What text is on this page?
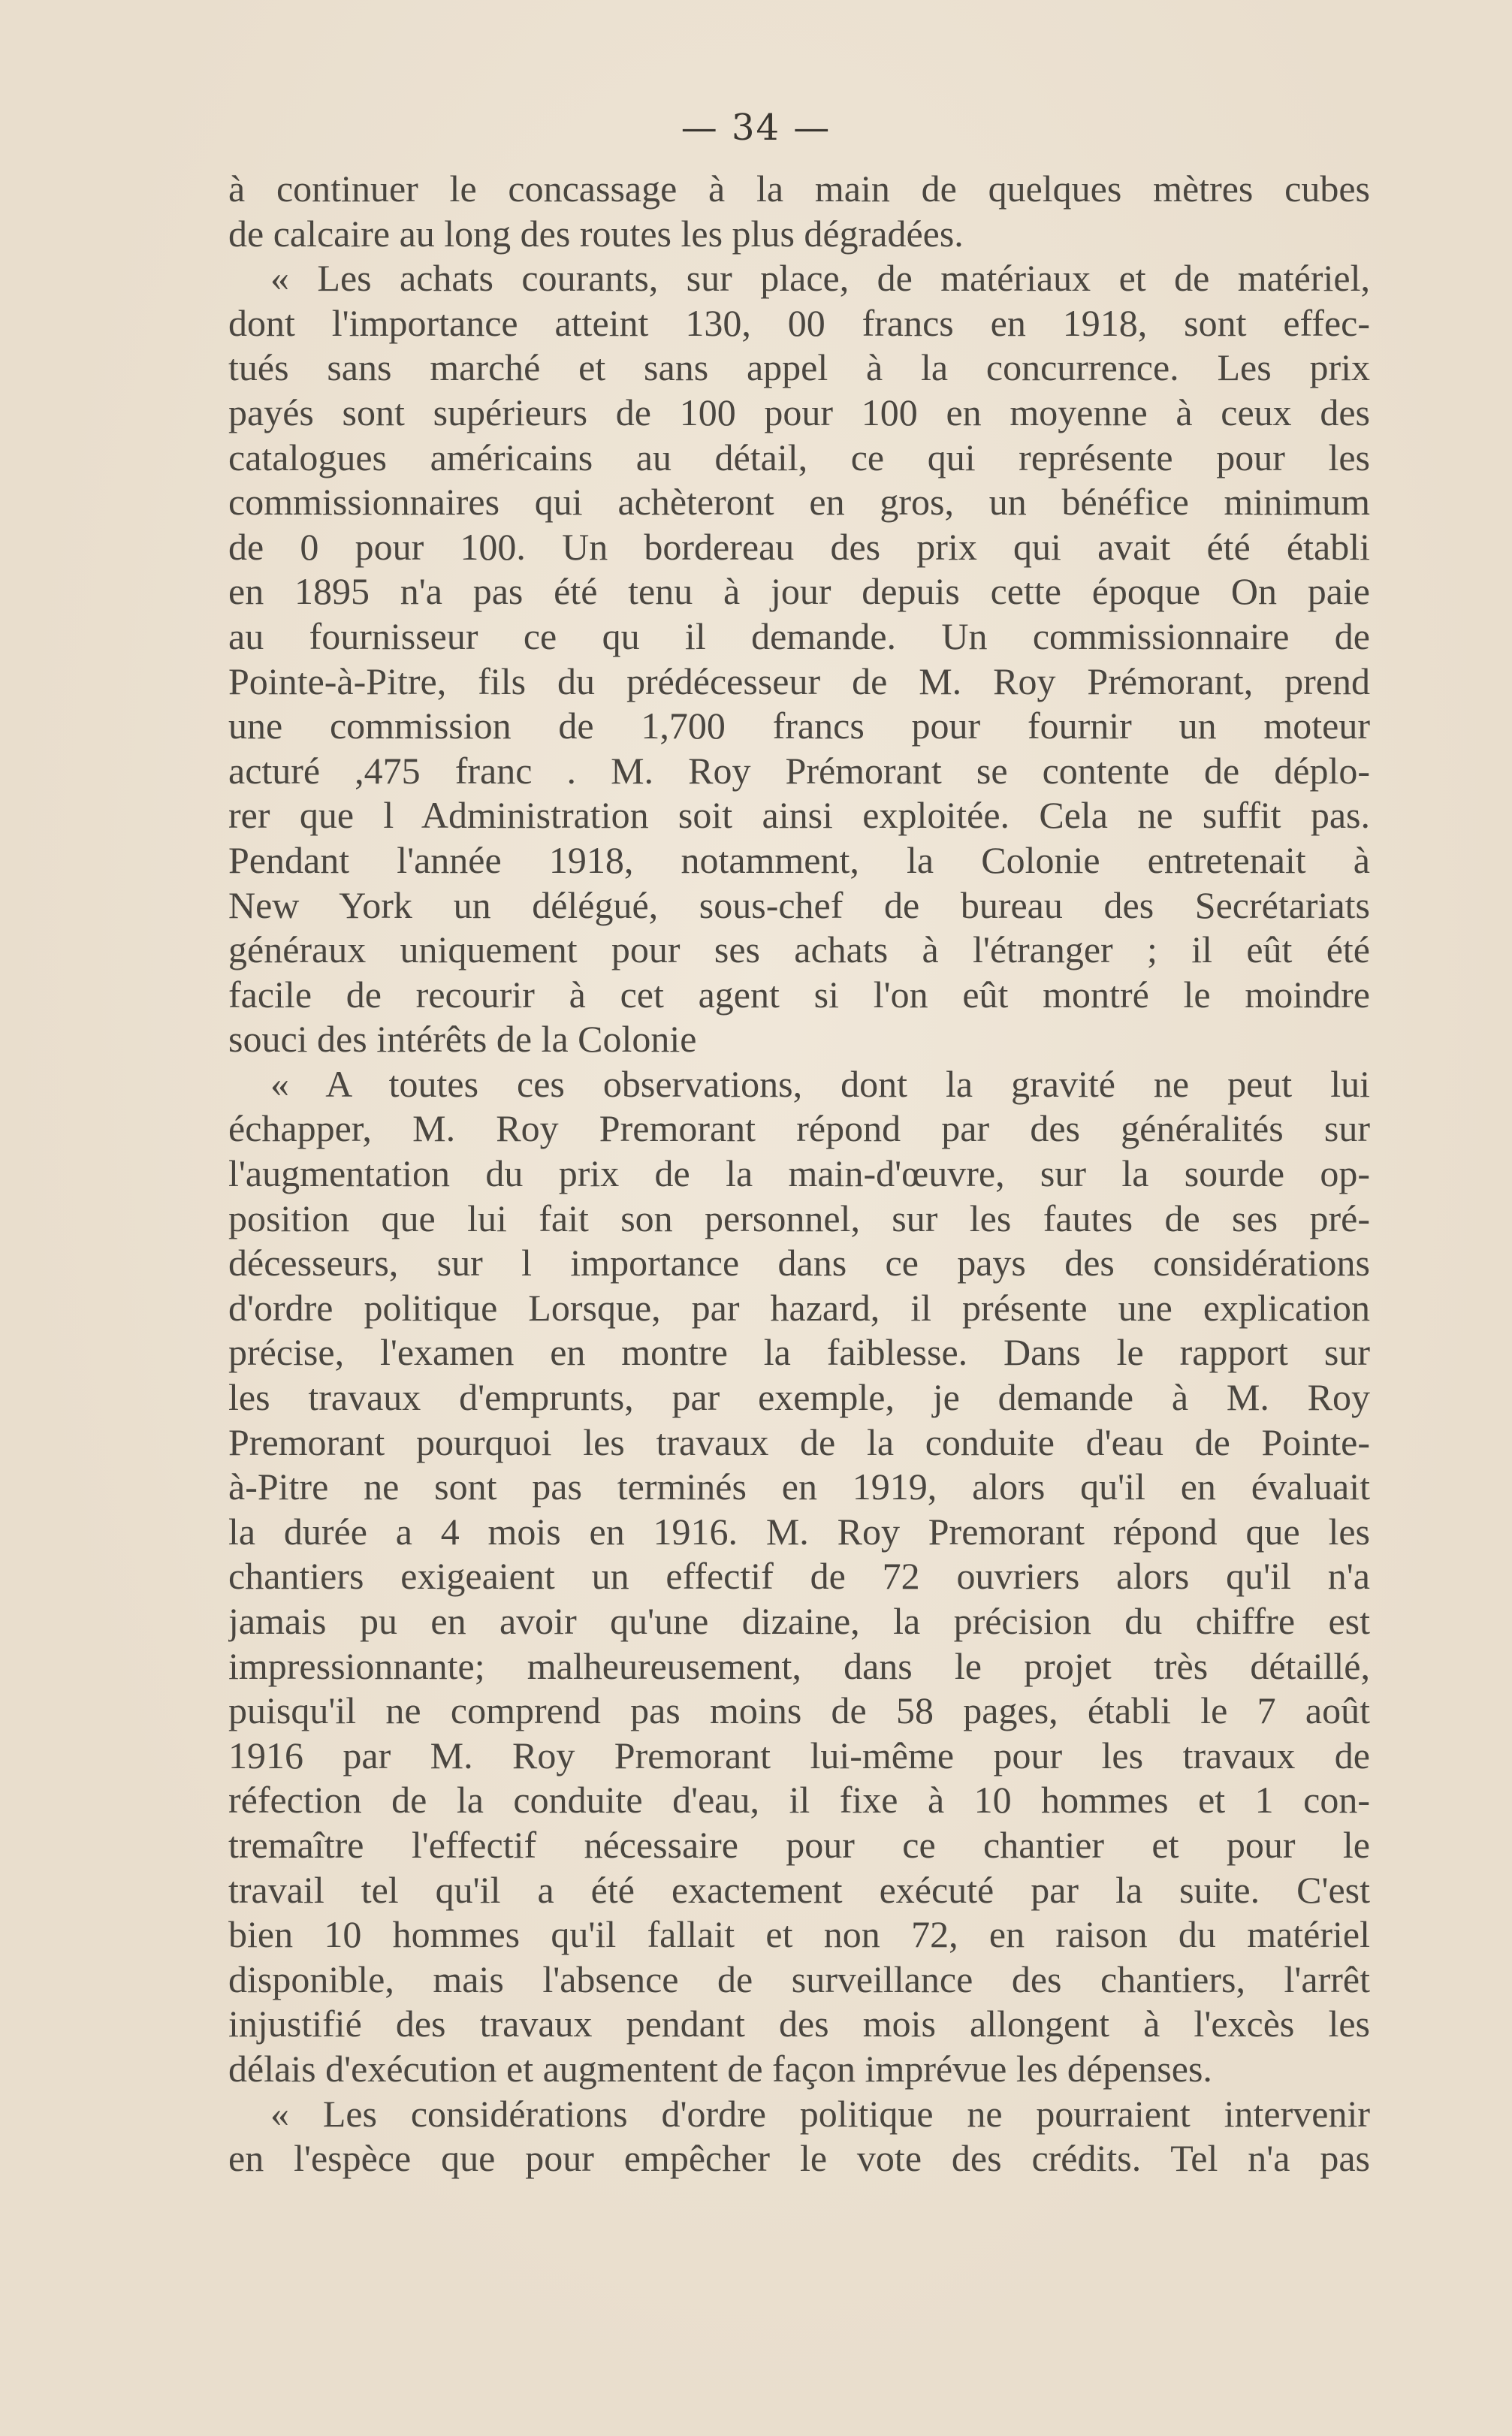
— 34 —
à continuer le concassage à la main de quelques mètres cubes
de calcaire au long des routes les plus dégradées.
« Les achats courants, sur place, de matériaux et de matériel,
dont l'importance atteint 130, 00 francs en 1918, sont effec-
tués sans marché et sans appel à la concurrence. Les prix
payés sont supérieurs de 100 pour 100 en moyenne à ceux des
catalogues américains au détail, ce qui représente pour les
commissionnaires qui achèteront en gros, un bénéfice minimum
de 0 pour 100. Un bordereau des prix qui avait été établi
en 1895 n'a pas été tenu à jour depuis cette époque On paie
au fournisseur ce qu il demande. Un commissionnaire de
Pointe-à-Pitre, fils du prédécesseur de M. Roy Prémorant, prend
une commission de 1,700 francs pour fournir un moteur
acturé ,475 franc . M. Roy Prémorant se contente de déplo-
rer que l Administration soit ainsi exploitée. Cela ne suffit pas.
Pendant l'année 1918, notamment, la Colonie entretenait à
New York un délégué, sous-chef de bureau des Secrétariats
généraux uniquement pour ses achats à l'étranger ; il eût été
facile de recourir à cet agent si l'on eût montré le moindre
souci des intérêts de la Colonie
« A toutes ces observations, dont la gravité ne peut lui
échapper, M. Roy Premorant répond par des généralités sur
l'augmentation du prix de la main-d'œuvre, sur la sourde op-
position que lui fait son personnel, sur les fautes de ses pré-
décesseurs, sur l importance dans ce pays des considérations
d'ordre politique Lorsque, par hazard, il présente une explication
précise, l'examen en montre la faiblesse. Dans le rapport sur
les travaux d'emprunts, par exemple, je demande à M. Roy
Premorant pourquoi les travaux de la conduite d'eau de Pointe-
à-Pitre ne sont pas terminés en 1919, alors qu'il en évaluait
la durée a 4 mois en 1916. M. Roy Premorant répond que les
chantiers exigeaient un effectif de 72 ouvriers alors qu'il n'a
jamais pu en avoir qu'une dizaine, la précision du chiffre est
impressionnante; malheureusement, dans le projet très détaillé,
puisqu'il ne comprend pas moins de 58 pages, établi le 7 août
1916 par M. Roy Premorant lui-même pour les travaux de
réfection de la conduite d'eau, il fixe à 10 hommes et 1 con-
tremaître l'effectif nécessaire pour ce chantier et pour le
travail tel qu'il a été exactement exécuté par la suite. C'est
bien 10 hommes qu'il fallait et non 72, en raison du matériel
disponible, mais l'absence de surveillance des chantiers, l'arrêt
injustifié des travaux pendant des mois allongent à l'excès les
délais d'exécution et augmentent de façon imprévue les dépenses.
« Les considérations d'ordre politique ne pourraient intervenir
en l'espèce que pour empêcher le vote des crédits. Tel n'a pas
